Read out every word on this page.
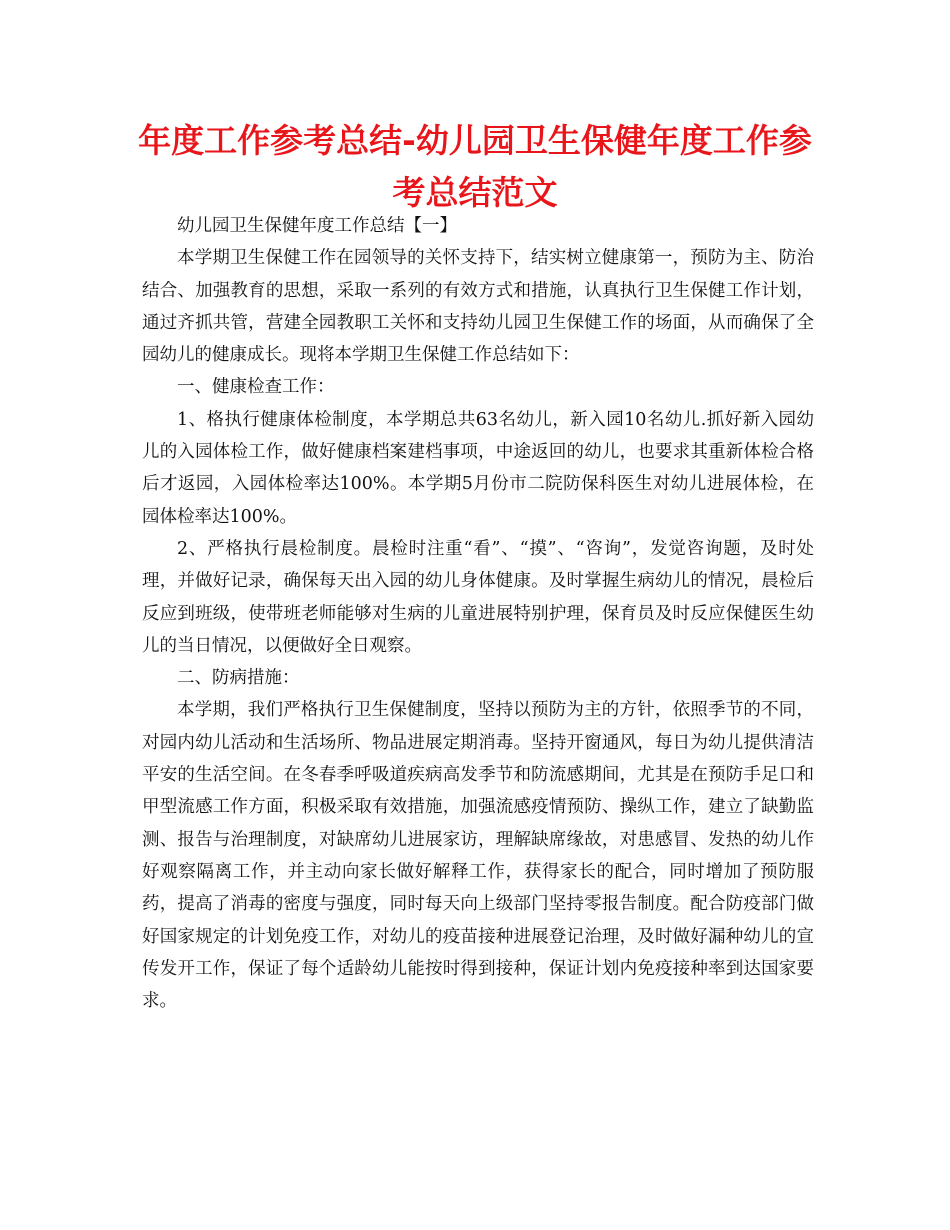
年度工作参考总结-幼儿园卫生保健年度工作参考总结范文

幼儿园卫生保健年度工作总结【一】

本学期卫生保健工作在园领导的关怀支持下，结实树立健康第一，预防为主、防治结合、加强教育的思想，采取一系列的有效方式和措施，认真执行卫生保健工作计划，通过齐抓共管，营建全园教职工关怀和支持幼儿园卫生保健工作的场面，从而确保了全园幼儿的健康成长。现将本学期卫生保健工作总结如下：

一、健康检查工作：

1、格执行健康体检制度，本学期总共63名幼儿，新入园10名幼儿.抓好新入园幼儿的入园体检工作，做好健康档案建档事项，中途返回的幼儿，也要求其重新体检合格后才返园，入园体检率达100%。本学期5月份市二院防保科医生对幼儿进展体检，在园体检率达100%。

2、严格执行晨检制度。晨检时注重“看”、“摸”、“咨询”，发觉咨询题，及时处理，并做好记录，确保每天出入园的幼儿身体健康。及时掌握生病幼儿的情况，晨检后反应到班级，使带班老师能够对生病的儿童进展特别护理，保育员及时反应保健医生幼儿的当日情况，以便做好全日观察。

二、防病措施：

本学期，我们严格执行卫生保健制度，坚持以预防为主的方针，依照季节的不同，对园内幼儿活动和生活场所、物品进展定期消毒。坚持开窗通风，每日为幼儿提供清洁平安的生活空间。在冬春季呼吸道疾病高发季节和防流感期间，尤其是在预防手足口和甲型流感工作方面，积极采取有效措施，加强流感疫情预防、操纵工作，建立了缺勤监测、报告与治理制度，对缺席幼儿进展家访，理解缺席缘故，对患感冒、发热的幼儿作好观察隔离工作，并主动向家长做好解释工作，获得家长的配合，同时增加了预防服药，提高了消毒的密度与强度，同时每天向上级部门坚持零报告制度。配合防疫部门做好国家规定的计划免疫工作，对幼儿的疫苗接种进展登记治理，及时做好漏种幼儿的宣传发开工作，保证了每个适龄幼儿能按时得到接种，保证计划内免疫接种率到达国家要求。
